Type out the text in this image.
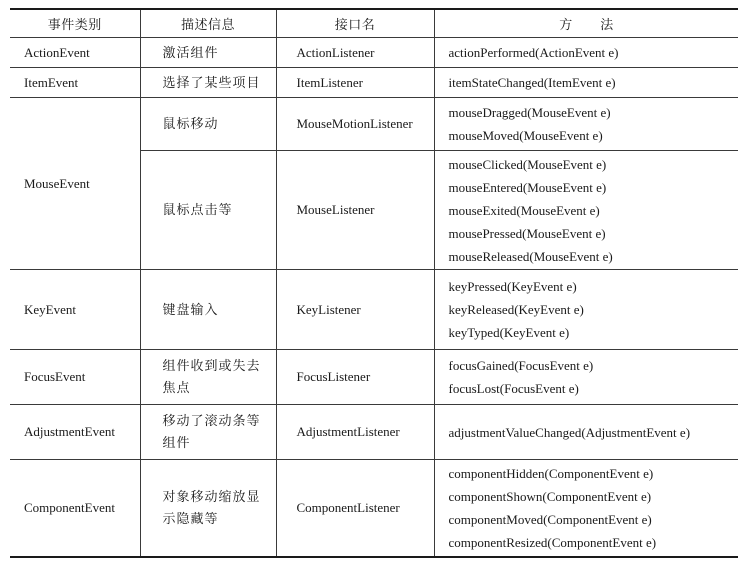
事件类别	描述信息	接口名	方法
ActionEvent	激活组件	ActionListener	actionPerformed(ActionEvent e)

ItemEvent	选择了某些项目	ItemListener	itemStateChanged(ItemEvent e)

MouseEvent	鼠标移动	MouseMotionListener	mouseDragged(MouseEvent e)
mouseMoved(MouseEvent e)

	鼠标点击等	MouseListener	mouseClicked(MouseEvent e)
mouseEntered(MouseEvent e)
mouseExited(MouseEvent e)
mousePressed(MouseEvent e)
mouseReleased(MouseEvent e)

KeyEvent	键盘输入	KeyListener	keyPressed(KeyEvent e)
keyReleased(KeyEvent e)
keyTyped(KeyEvent e)

FocusEvent	组件收到或失去焦点	FocusListener	focusGained(FocusEvent e)
focusLost(FocusEvent e)

AdjustmentEvent	移动了滚动条等组件	AdjustmentListener	adjustmentValueChanged(AdjustmentEvent e)

ComponentEvent	对象移动缩放显示隐藏等	ComponentListener	componentHidden(ComponentEvent e)
componentShown(ComponentEvent e)
componentMoved(ComponentEvent e)
componentResized(ComponentEvent e)
